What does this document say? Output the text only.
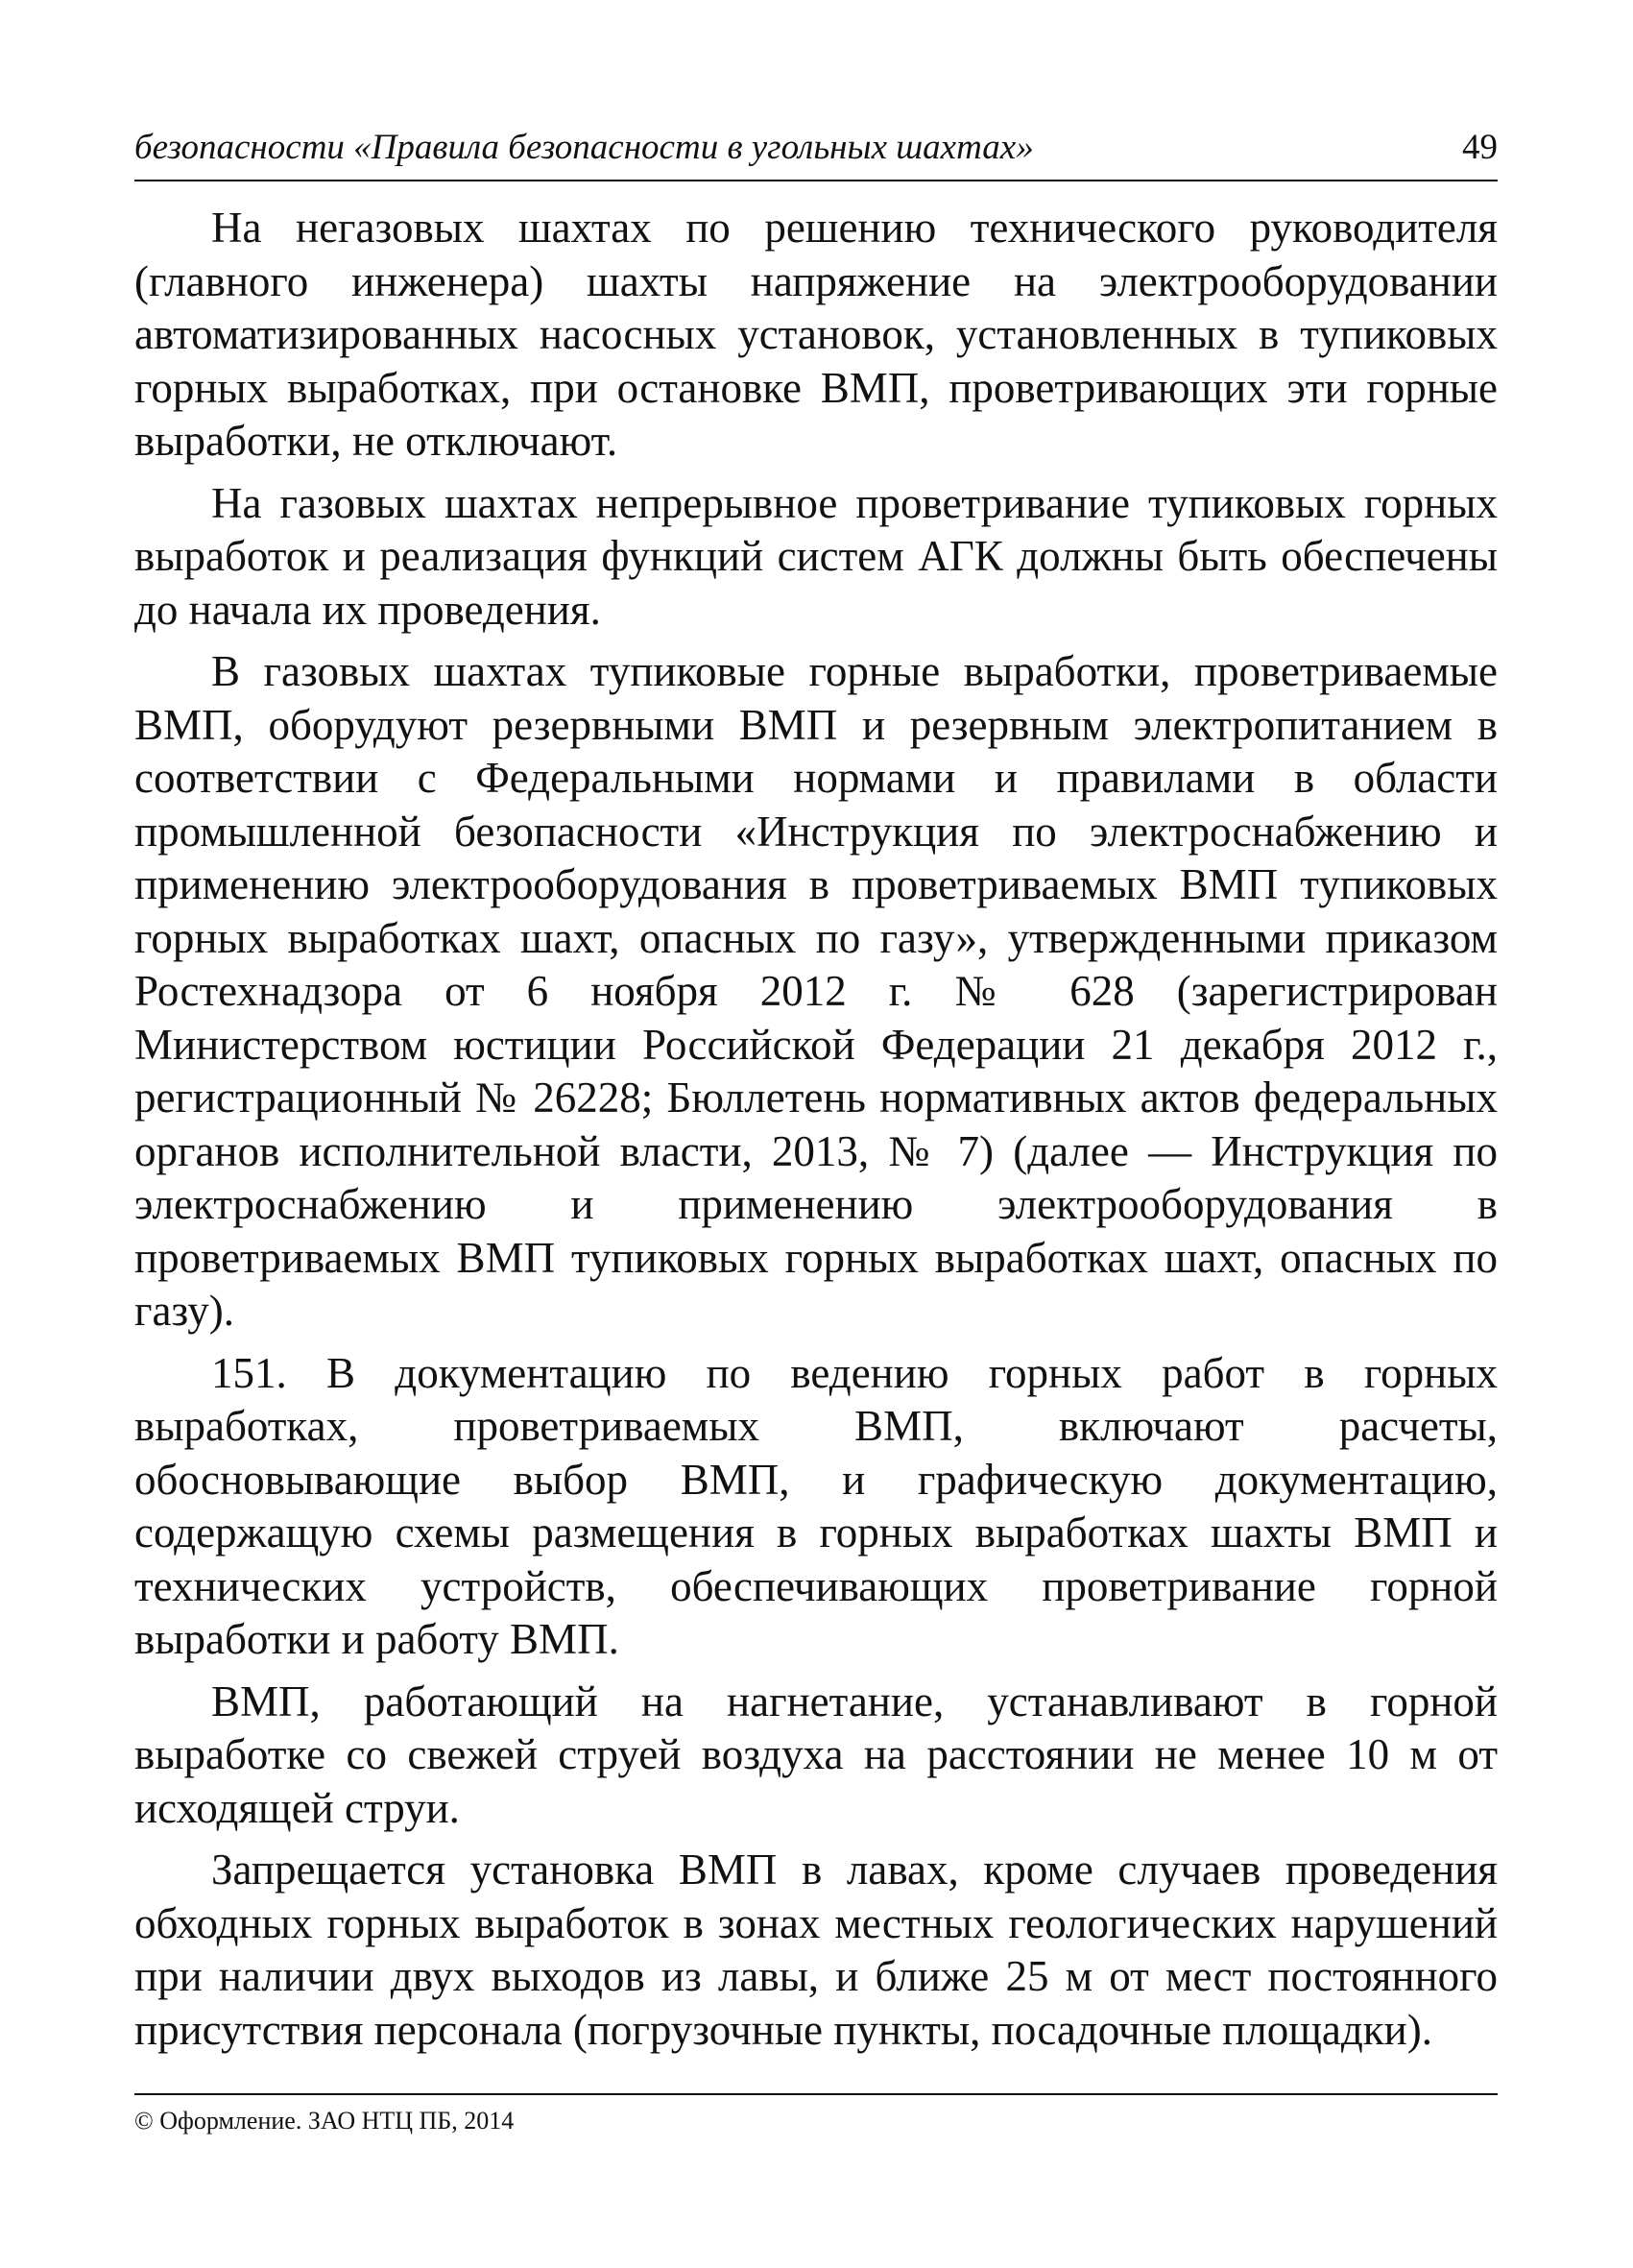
безопасности «Правила безопасности в угольных шахтах»	49

На негазовых шахтах по решению технического руководителя (главного инженера) шахты напряжение на электрооборудовании автоматизированных насосных установок, установленных в тупиковых горных выработках, при остановке ВМП, проветривающих эти горные выработки, не отключают.

На газовых шахтах непрерывное проветривание тупиковых горных выработок и реализация функций систем АГК должны быть обеспечены до начала их проведения.

В газовых шахтах тупиковые горные выработки, проветриваемые ВМП, оборудуют резервными ВМП и резервным электропитанием в соответствии с Федеральными нормами и правилами в области промышленной безопасности «Инструкция по электроснабжению и применению электрооборудования в проветриваемых ВМП тупиковых горных выработках шахт, опасных по газу», утвержденными приказом Ростехнадзора от 6 ноября 2012 г. № 628 (зарегистрирован Министерством юстиции Российской Федерации 21 декабря 2012 г., регистрационный № 26228; Бюллетень нормативных актов федеральных органов исполнительной власти, 2013, № 7) (далее — Инструкция по электроснабжению и применению электрооборудования в проветриваемых ВМП тупиковых горных выработках шахт, опасных по газу).

151. В документацию по ведению горных работ в горных выработках, проветриваемых ВМП, включают расчеты, обосновывающие выбор ВМП, и графическую документацию, содержащую схемы размещения в горных выработках шахты ВМП и технических устройств, обеспечивающих проветривание горной выработки и работу ВМП.

ВМП, работающий на нагнетание, устанавливают в горной выработке со свежей струей воздуха на расстоянии не менее 10 м от исходящей струи.

Запрещается установка ВМП в лавах, кроме случаев проведения обходных горных выработок в зонах местных геологических нарушений при наличии двух выходов из лавы, и ближе 25 м от мест постоянного присутствия персонала (погрузочные пункты, посадочные площадки).

© Оформление. ЗАО НТЦ ПБ, 2014
